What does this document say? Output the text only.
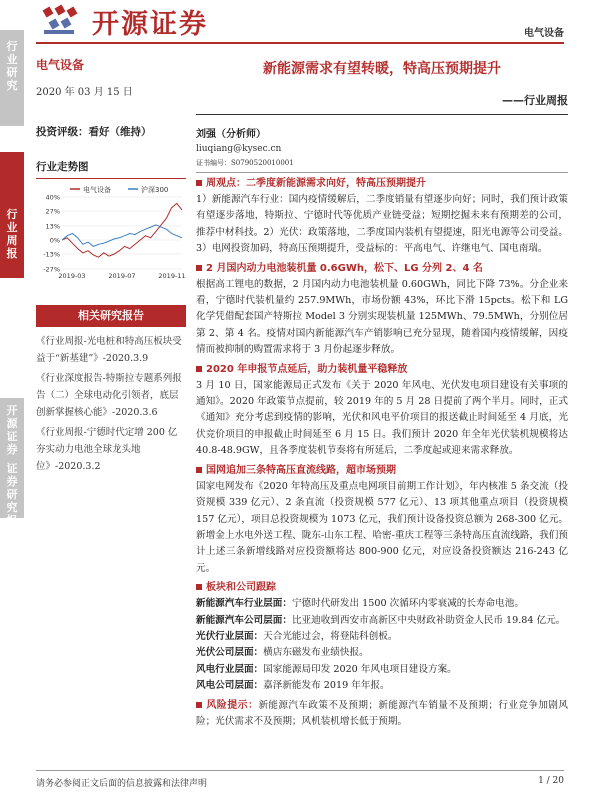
开源证券	电气设备
行
业
研
究
行
业
周
报
开
源
证
券
证
券
研
究
报
告
电气设备
2020 年 03 月 15 日
投资评级：看好（维持）
行业走势图
电气设备	沪深300
40%
27%
13%
0%
-13%
-27%
2019-03	2019-07	2019-11
相关研究报告
《行业周报-光电桩和特高压板块受益于“新基建”》-2020.3.9
《行业深度报告-特斯拉专题系列报告（二）全球电动化引领者，底层创新掌握核心能》-2020.3.6
《行业周报-宁德时代定增 200 亿夯实动力电池全球龙头地位》-2020.3.2
新能源需求有望转暖，特高压预期提升
——行业周报
刘强（分析师）
liuqiang@kysec.cn
证书编号：S0790520010001
周观点：二季度新能源需求向好，特高压预期提升
1）新能源汽车行业：国内疫情缓解后，二季度销量有望逐步向好；同时，我们预计政策有望逐步落地，特斯拉、宁德时代等优质产业链受益；短期挖掘未来有预期差的公司，推荐中材科技。2）光伏：政策落地，二季度国内装机有望提速，阳光电源等公司受益。3）电网投资加码，特高压预期提升，受益标的：平高电气、许继电气、国电南瑞。
2 月国内动力电池装机量 0.6GWh，松下、LG 分列 2、4 名
根据高工锂电的数据，2 月国内动力电池装机量 0.60GWh，同比下降 73%。分企业来看，宁德时代装机量约 257.9MWh，市场份额 43%，环比下滑 15pcts。松下和 LG 化学凭借配套国产特斯拉 Model 3 分别实现装机量 125MWh、79.5MWh，分别位居第 2、第 4 名。疫情对国内新能源汽车产销影响已充分显现，随着国内疫情缓解，因疫情而被抑制的购置需求将于 3 月份起逐步释放。
2020 年申报节点延后，助力装机量平稳释放
3 月 10 日，国家能源局正式发布《关于 2020 年风电、光伏发电项目建设有关事项的通知》。2020 年政策节点提前，较 2019 年的 5 月 28 日提前了两个半月。同时，正式《通知》充分考虑到疫情的影响，光伏和风电平价项目的报送截止时间延至 4 月底，光伏竞价项目的申报截止时间延至 6 月 15 日。我们预计 2020 年全年光伏装机规模将达 40.8-48.9GW，且各季度装机节奏将有所延后，二季度起或迎来需求释放。
国网追加三条特高压直流线路，超市场预期
国家电网发布《2020 年特高压及重点电网项目前期工作计划》，年内核准 5 条交流（投资规模 339 亿元）、2 条直流（投资规模 577 亿元）、13 项其他重点项目（投资规模 157 亿元），项目总投资规模为 1073 亿元，我们预计设备投资总额为 268-300 亿元。新增金上水电外送工程、陇东-山东工程、哈密-重庆工程等三条特高压直流线路，我们预计上述三条新增线路对应投资额将达 800-900 亿元，对应设备投资额达 216-243 亿元。
板块和公司跟踪
新能源汽车行业层面：宁德时代研发出 1500 次循环内零衰减的长寿命电池。
新能源汽车公司层面：比亚迪收到西安市高新区中央财政补助资金人民币 19.84 亿元。
光伏行业层面：天合光能过会，将登陆科创板。
光伏公司层面：横店东磁发布业绩快报。
风电行业层面：国家能源局印发 2020 年风电项目建设方案。
风电公司层面：嘉泽新能发布 2019 年年报。
风险提示：新能源汽车政策不及预期；新能源汽车销量不及预期；行业竞争加剧风险；光伏需求不及预期；风机装机增长低于预期。
请务必参阅正文后面的信息披露和法律声明	1 / 20
